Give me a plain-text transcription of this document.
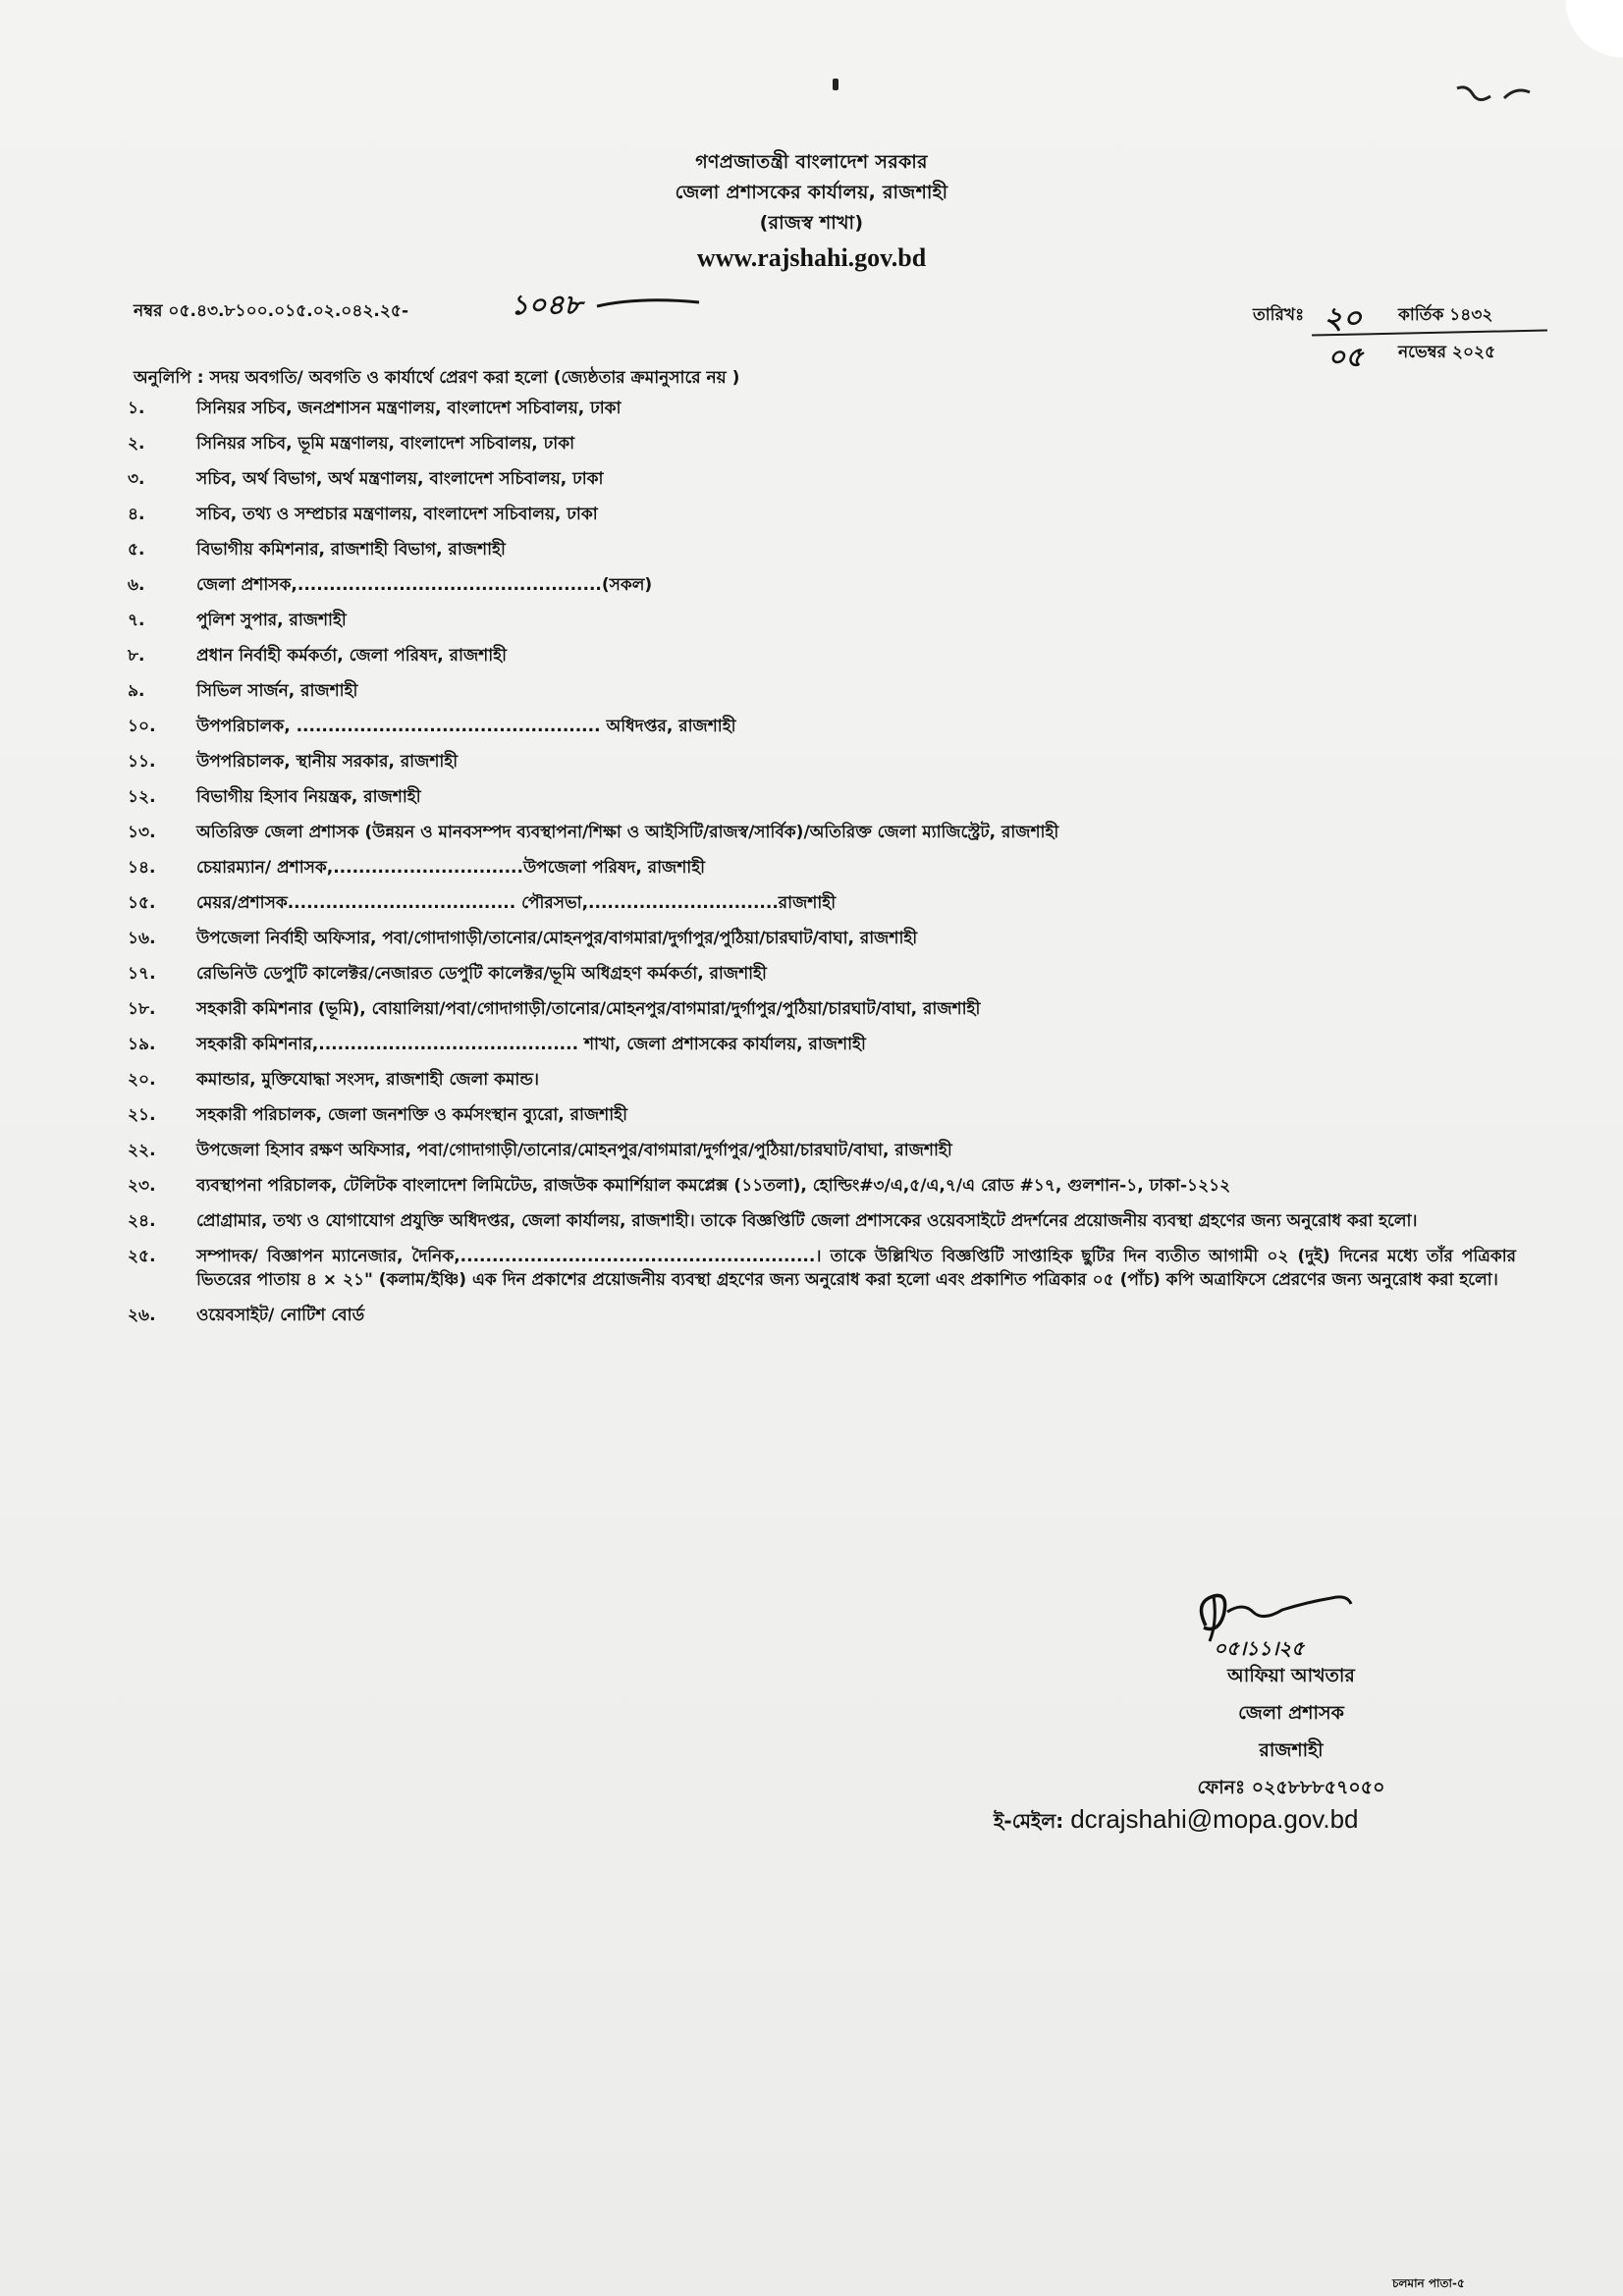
গণপ্রজাতন্ত্রী বাংলাদেশ সরকার
জেলা প্রশাসকের কার্যালয়, রাজশাহী
(রাজস্ব শাখা)
www.rajshahi.gov.bd
নম্বর ০৫.৪৩.৮১০০.০১৫.০২.০৪২.২৫-	১০৪৮	তারিখঃ ২০ কার্তিক ১৪৩২
০৫ নভেম্বর ২০২৫
অনুলিপি : সদয় অবগতি/ অবগতি ও কার্যার্থে প্রেরণ করা হলো (জ্যেষ্ঠতার ক্রমানুসারে নয় )
১.	সিনিয়র সচিব, জনপ্রশাসন মন্ত্রণালয়, বাংলাদেশ সচিবালয়, ঢাকা
২.	সিনিয়র সচিব, ভূমি মন্ত্রণালয়, বাংলাদেশ সচিবালয়, ঢাকা
৩.	সচিব, অর্থ বিভাগ, অর্থ মন্ত্রণালয়, বাংলাদেশ সচিবালয়, ঢাকা
৪.	সচিব, তথ্য ও সম্প্রচার মন্ত্রণালয়, বাংলাদেশ সচিবালয়, ঢাকা
৫.	বিভাগীয় কমিশনার, রাজশাহী বিভাগ, রাজশাহী
৬.	জেলা প্রশাসক,................................................(সকল)
৭.	পুলিশ সুপার, রাজশাহী
৮.	প্রধান নির্বাহী কর্মকর্তা, জেলা পরিষদ, রাজশাহী
৯.	সিভিল সার্জন, রাজশাহী
১০.	উপপরিচালক, ................................................ অধিদপ্তর, রাজশাহী
১১.	উপপরিচালক, স্থানীয় সরকার, রাজশাহী
১২.	বিভাগীয় হিসাব নিয়ন্ত্রক, রাজশাহী
১৩.	অতিরিক্ত জেলা প্রশাসক (উন্নয়ন ও মানবসম্পদ ব্যবস্থাপনা/শিক্ষা ও আইসিটি/রাজস্ব/সার্বিক)/অতিরিক্ত জেলা ম্যাজিস্ট্রেট, রাজশাহী
১৪.	চেয়ারম্যান/ প্রশাসক,..............................উপজেলা পরিষদ, রাজশাহী
১৫.	মেয়র/প্রশাসক.................................... পৌরসভা,..............................রাজশাহী
১৬.	উপজেলা নির্বাহী অফিসার, পবা/গোদাগাড়ী/তানোর/মোহনপুর/বাগমারা/দুর্গাপুর/পুঠিয়া/চারঘাট/বাঘা, রাজশাহী
১৭.	রেভিনিউ ডেপুটি কালেক্টর/নেজারত ডেপুটি কালেক্টর/ভূমি অধিগ্রহণ কর্মকর্তা, রাজশাহী
১৮.	সহকারী কমিশনার (ভূমি), বোয়ালিয়া/পবা/গোদাগাড়ী/তানোর/মোহনপুর/বাগমারা/দুর্গাপুর/পুঠিয়া/চারঘাট/বাঘা, রাজশাহী
১৯.	সহকারী কমিশনার,......................................... শাখা, জেলা প্রশাসকের কার্যালয়, রাজশাহী
২০.	কমান্ডার, মুক্তিযোদ্ধা সংসদ, রাজশাহী জেলা কমান্ড।
২১.	সহকারী পরিচালক, জেলা জনশক্তি ও কর্মসংস্থান ব্যুরো, রাজশাহী
২২.	উপজেলা হিসাব রক্ষণ অফিসার, পবা/গোদাগাড়ী/তানোর/মোহনপুর/বাগমারা/দুর্গাপুর/পুঠিয়া/চারঘাট/বাঘা, রাজশাহী
২৩.	ব্যবস্থাপনা পরিচালক, টেলিটক বাংলাদেশ লিমিটেড, রাজউক কমার্শিয়াল কমপ্লেক্স (১১তলা), হোল্ডিং#৩/এ,৫/এ,৭/এ রোড #১৭, গুলশান-১, ঢাকা-১২১২
২৪.	প্রোগ্রামার, তথ্য ও যোগাযোগ প্রযুক্তি অধিদপ্তর, জেলা কার্যালয়, রাজশাহী। তাকে বিজ্ঞপ্তিটি জেলা প্রশাসকের ওয়েবসাইটে প্রদর্শনের প্রয়োজনীয় ব্যবস্থা গ্রহণের জন্য অনুরোধ করা হলো।
২৫.	সম্পাদক/ বিজ্ঞাপন ম্যানেজার, দৈনিক,........................................................। তাকে উল্লিখিত বিজ্ঞপ্তিটি সাপ্তাহিক ছুটির দিন ব্যতীত আগামী ০২ (দুই) দিনের মধ্যে তাঁর পত্রিকার ভিতরের পাতায় ৪ × ২১" (কলাম/ইঞ্চি) এক দিন প্রকাশের প্রয়োজনীয় ব্যবস্থা গ্রহণের জন্য অনুরোধ করা হলো এবং প্রকাশিত পত্রিকার ০৫ (পাঁচ) কপি অত্রাফিসে প্রেরণের জন্য অনুরোধ করা হলো।
২৬.	ওয়েবসাইট/ নোটিশ বোর্ড
০৫।১১।২৫
আফিয়া আখতার
জেলা প্রশাসক
রাজশাহী
ফোনঃ ০২৫৮৮৮৫৭০৫০
ই-মেইল: dcrajshahi@mopa.gov.bd
চলমান পাতা-৫
